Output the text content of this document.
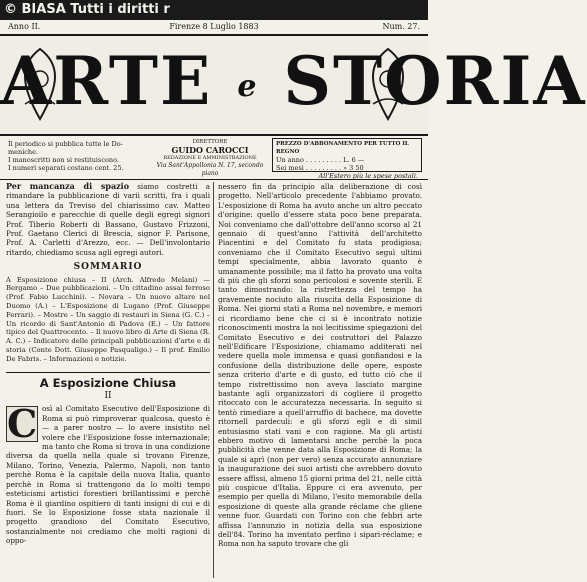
© BIASA Tutti i diritti r
Anno II.	Firenze 8 Luglio 1883	Num. 27.
ARTE e STORIA
Il periodico si pubblica tutte le Do-
meniche.
I manoscritti non si restituiscono.
I numeri separati costano cent. 25.
DIRETTORE
GUIDO CAROCCI
REDAZIONE E AMMINISTRAZIONE
Via Sant'Appollonia N. 17, secondo piano
PREZZO D'ABBONAMENTO PER TUTTO IL REGNO
Un anno . . . . . . . . . L. 6 —
Sei mesi . . . . . . . . . » 3 50
All'Estero più le spese postali.

Per mancanza di spazio siamo costretti a rimandare la pubblicazione di varii scritti, fra i quali una lettera da Treviso del chiarissimo cav. Matteo Serangioilo e parecchie di quelle degli egregi signori Prof. Tiberio Roberti di Bassano, Gustavo Frizzoni, Prof. Gaetano Clerici di Brescia, signor F. Parisone, Prof. A. Carletti d'Arezzo, ecc. — Dell'involontario ritardo, chiediamo scusa agli egregi autori.

SOMMARIO

A Esposizione chiusa – II (Arch. Alfredo Melani) — Bergamo – Due pubblicazioni. – Un cittadino assai ferroso (Prof. Fabio Lucchini). – Novara – Un nuovo altare nel Duomo (A.) – L'Esposizione di Lugano (Prof. Giuseppe Ferrari). – Mostre – Un saggio di restauri in Siena (G. C.) – Un ricordo di Sant'Antonio di Padova (E.) – Un fattore tipico del Quattrocento. – Il nuovo libro di Arte di Siena (R. A. C.) – Indicatore delle principali pubblicazioni d'arte e di storia (Conte Dott. Giuseppe Pasqualigo.) – Il prof. Emilio De Fabris. – Informazioni e notizie.

A Esposizione Chiusa
II
C osì al Comitato Esecutivo dell'Esposizione di Roma si può rimproverar qualcosa, questo è — a parer nostro — lo avere insistito nel volere che l'Esposizione fosse internazionale; ma tanto che Roma si trova in una condizione diversa da quella nella quale si trovano Firenze, Milano, Torino, Venezia, Palermo, Napoli, non tanto perchè Roma è la capitale della nuova Italia, quanto perchè in Roma si trattengono da lo molti tempo esteticismi artistici forestieri brillantissimi e perchè Roma è il giardino ospitiero di tanti insigni di cui e di fuori. Se lo Esposizione fosse stata nazionale il progetto grandioso del Comitato Esecutivo, sostanzialmente noi crediamo che molti ragioni di oppo-

nessero fin da principio alla deliberazione di così progetto. Nell'articolo precedente l'abbiamo provato. L'esposizione di Roma ha avuto anche un altro peccato d'origine: quello d'essere stata poco bene preparata. Noi conveniamo che dall'ottobre dell'anno scorso al 21 gennaio di quest'anno l'attività dell'architetto Piacentini e del Comitato fu stata prodigiosa; conveniamo che il Comitato Esecutivo seguì ultimi tempi specialmente, abbia lavorato quanto è umanamente possibile; ma il fatto ha provato una volta di più che gli sforzi sono pericolosi e sovente sterili. E tanto dimostrando: la ristrettezza del tempo ha gravemente nociuto alla riuscita della Esposizione di Roma. Nei giorni stati a Roma nel novembre, e memori ci ricordiamo bene che ci si è incontrato notizie riconoscimenti mostra la noi lecitissime spiegazioni del Comitato Esecutivo e dei costruttori del Palazzo nell'Edificare l'Esposizione, chiamamo additerati nel vedere quella mole immensa e quasi gonfiandosi e la confusione della distribuzione delle opere, esposte senza criterio d'arte e di gusto, ed tutto ciò che il tempo ristrettissimo non aveva lasciato margine bastante agli organizzatori di cogliere il progetto ritoccato con le accuratezza necessaria. In seguito si tentò rimediare a quell'arruffio di bachece, ma dovette ritornell pardeculi: e gli sforzi egli e di simil entusiasmo stati vani e con ragione. Ma gli artisti ebbero motivo di lamentarsi anche perchè la poca pubblicità che venne data alla Esposizione di Roma; la quale si aprì (non per vero) senza accurato annunziare la inaugurazione dei suoi artisti che avrebbero dovuto essere affissi, almeno 15 giorni prima del 21, nelle città più cospicue d'Italia. Eppure ci era avvenuto, per esempio per quella di Milano, l'esito memorabile della esposizione di queste alla grande réclame che gliene venne fuor. Guardati con Torino con che febbri arte affissa l'annunzio in notizia della sua esposizione dell'84. Torino ha inventato perfino i sipari-réclame; e Roma non ha saputo trovare che gli
